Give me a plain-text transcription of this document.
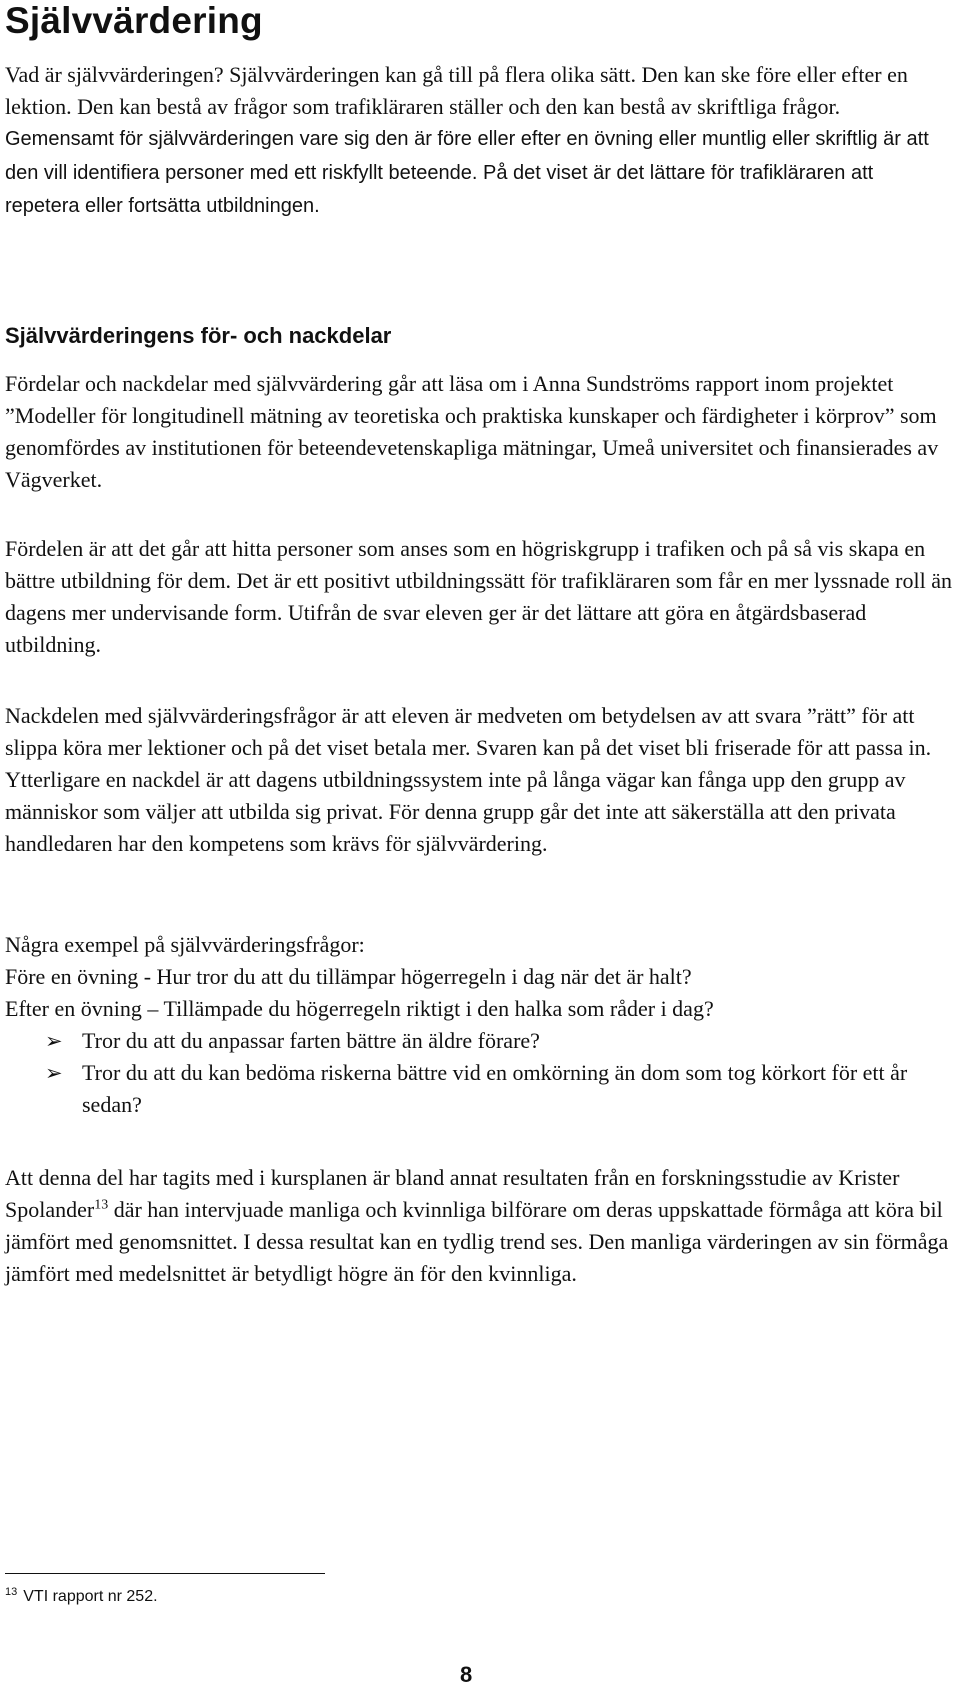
Självvärdering

Vad är självvärderingen? Självvärderingen kan gå till på flera olika sätt. Den kan ske före eller efter en lektion. Den kan bestå av frågor som trafikläraren ställer och den kan bestå av skriftliga frågor. Gemensamt för självvärderingen vare sig den är före eller efter en övning eller muntlig eller skriftlig är att den vill identifiera personer med ett riskfyllt beteende. På det viset är det lättare för trafikläraren att repetera eller fortsätta utbildningen.

Självvärderingens för- och nackdelar

Fördelar och nackdelar med självvärdering går att läsa om i Anna Sundströms rapport inom projektet ”Modeller för longitudinell mätning av teoretiska och praktiska kunskaper och färdigheter i körprov” som genomfördes av institutionen för beteendevetenskapliga mätningar, Umeå universitet och finansierades av Vägverket.

Fördelen är att det går att hitta personer som anses som en högriskgrupp i trafiken och på så vis skapa en bättre utbildning för dem. Det är ett positivt utbildningssätt för trafikläraren som får en mer lyssnade roll än dagens mer undervisande form. Utifrån de svar eleven ger är det lättare att göra en åtgärdsbaserad utbildning.

Nackdelen med självvärderingsfrågor är att eleven är medveten om betydelsen av att svara ”rätt” för att slippa köra mer lektioner och på det viset betala mer. Svaren kan på det viset bli friserade för att passa in. Ytterligare en nackdel är att dagens utbildningssystem inte på långa vägar kan fånga upp den grupp av människor som väljer att utbilda sig privat. För denna grupp går det inte att säkerställa att den privata handledaren har den kompetens som krävs för självvärdering.

Några exempel på självvärderingsfrågor:

Före en övning - Hur tror du att du tillämpar högerregeln i dag när det är halt?

Efter en övning – Tillämpade du högerregeln riktigt i den halka som råder i dag?

➢ Tror du att du anpassar farten bättre än äldre förare?
➢ Tror du att du kan bedöma riskerna bättre vid en omkörning än dom som tog körkort för ett år sedan?

Att denna del har tagits med i kursplanen är bland annat resultaten från en forskningsstudie av Krister Spolander$^{13}$ där han intervjuade manliga och kvinnliga bilförare om deras uppskattade förmåga att köra bil jämfört med genomsnittet. I dessa resultat kan en tydlig trend ses. Den manliga värderingen av sin förmåga jämfört med medelsnittet är betydligt högre än för den kvinnliga.

$^{13}$ VTI rapport nr 252.
8
